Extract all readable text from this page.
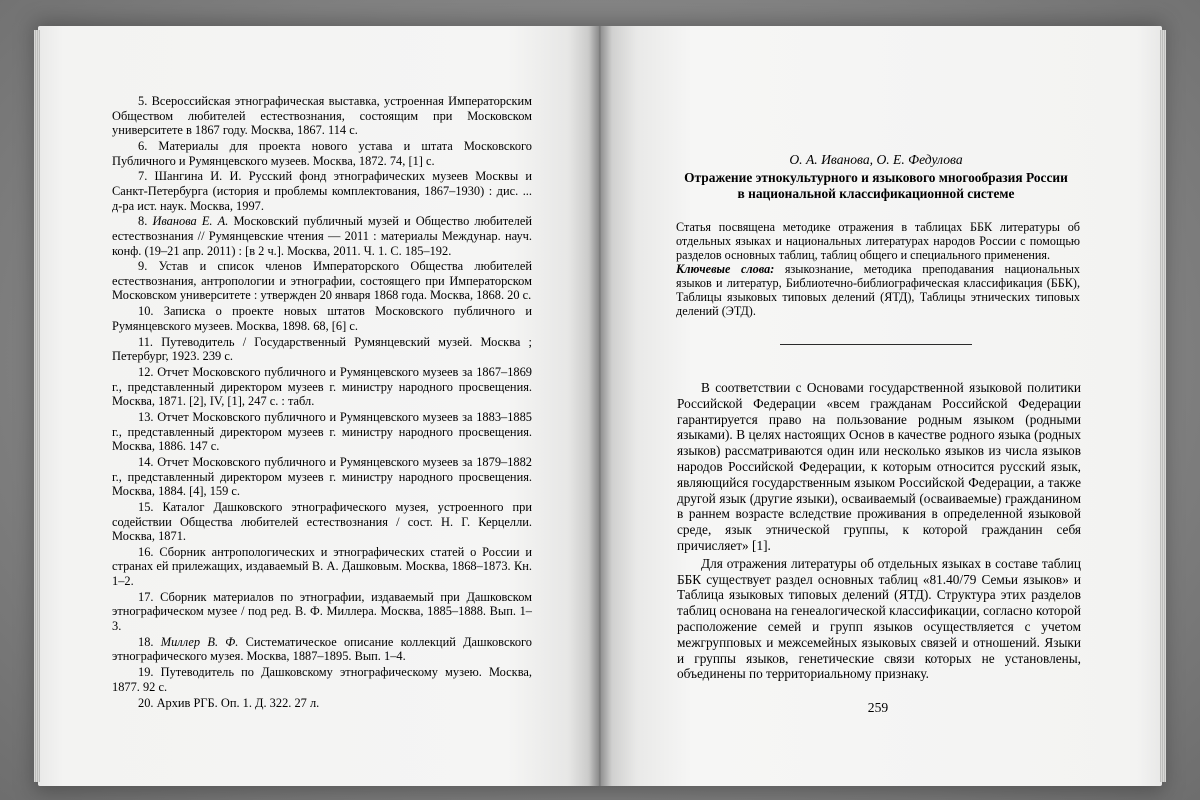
5. Всероссийская этнографическая выставка, устроенная Императорским Обществом любителей естествознания, состоящим при Московском университете в 1867 году. Москва, 1867. 114 с.

6. Материалы для проекта нового устава и штата Московского Публичного и Румянцевского музеев. Москва, 1872. 74, [1] с.

7. Шангина И. И. Русский фонд этнографических музеев Москвы и Санкт-Петербурга (история и проблемы комплектования, 1867–1930) : дис. ... д-ра ист. наук. Москва, 1997.

8. Иванова Е. А. Московский публичный музей и Общество любителей естествознания // Румянцевские чтения — 2011 : материалы Междунар. науч. конф. (19–21 апр. 2011) : [в 2 ч.]. Москва, 2011. Ч. 1. С. 185–192.

9. Устав и список членов Императорского Общества любителей естествознания, антропологии и этнографии, состоящего при Императорском Московском университете : утвержден 20 января 1868 года. Москва, 1868. 20 с.

10. Записка о проекте новых штатов Московского публичного и Румянцевского музеев. Москва, 1898. 68, [6] с.

11. Путеводитель / Государственный Румянцевский музей. Москва ; Петербург, 1923. 239 с.

12. Отчет Московского публичного и Румянцевского музеев за 1867–1869 г., представленный директором музеев г. министру народного просвещения. Москва, 1871. [2], IV, [1], 247 с. : табл.

13. Отчет Московского публичного и Румянцевского музеев за 1883–1885 г., представленный директором музеев г. министру народного просвещения. Москва, 1886. 147 с.

14. Отчет Московского публичного и Румянцевского музеев за 1879–1882 г., представленный директором музеев г. министру народного просвещения. Москва, 1884. [4], 159 с.

15. Каталог Дашковского этнографического музея, устроенного при содействии Общества любителей естествознания / сост. Н. Г. Керцелли. Москва, 1871.

16. Сборник антропологических и этнографических статей о России и странах ей прилежащих, издаваемый В. А. Дашковым. Москва, 1868–1873. Кн. 1–2.

17. Сборник материалов по этнографии, издаваемый при Дашковском этнографическом музее / под ред. В. Ф. Миллера. Москва, 1885–1888. Вып. 1–3.

18. Миллер В. Ф. Систематическое описание коллекций Дашковского этнографического музея. Москва, 1887–1895. Вып. 1–4.

19. Путеводитель по Дашковскому этнографическому музею. Москва, 1877. 92 с.

20. Архив РГБ. Оп. 1. Д. 322. 27 л.

О. А. Иванова, О. Е. Федулова
Отражение этнокультурного и языкового многообразия России
в национальной классификационной системе

Статья посвящена методике отражения в таблицах ББК литературы об отдельных языках и национальных литературах народов России с помощью разделов основных таблиц, таблиц общего и специального применения.

Ключевые слова: языкознание, методика преподавания национальных языков и литератур, Библиотечно-библиографическая классификация (ББК), Таблицы языковых типовых делений (ЯТД), Таблицы этнических типовых делений (ЭТД).

В соответствии с Основами государственной языковой политики Российской Федерации «всем гражданам Российской Федерации гарантируется право на пользование родным языком (родными языками). В целях настоящих Основ в качестве родного языка (родных языков) рассматриваются один или несколько языков из числа языков народов Российской Федерации, к которым относится русский язык, являющийся государственным языком Российской Федерации, а также другой язык (другие языки), осваиваемый (осваиваемые) гражданином в раннем возрасте вследствие проживания в определенной языковой среде, язык этнической группы, к которой гражданин себя причисляет» [1].

Для отражения литературы об отдельных языках в составе таблиц ББК существует раздел основных таблиц «81.40/79 Семьи языков» и Таблица языковых типовых делений (ЯТД). Структура этих разделов таблиц основана на генеалогической классификации, согласно которой расположение семей и групп языков осуществляется с учетом межгрупповых и межсемейных языковых связей и отношений. Языки и группы языков, генетические связи которых не установлены, объединены по территориальному признаку.

259
